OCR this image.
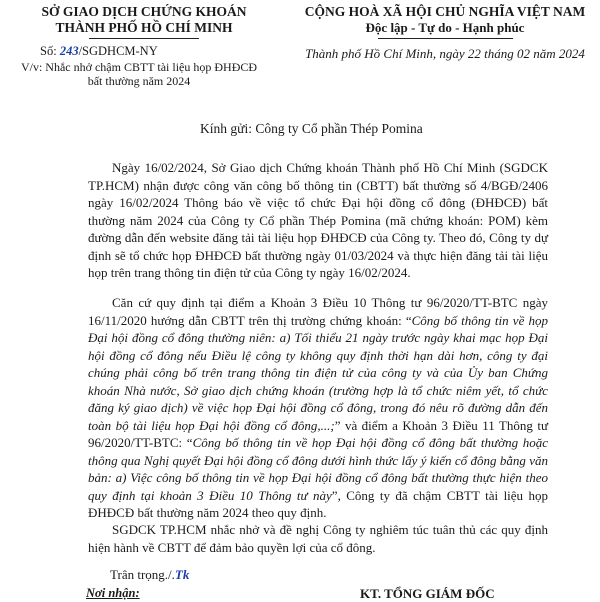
SỞ GIAO DỊCH CHỨNG KHOÁN
THÀNH PHỐ HỒ CHÍ MINH
CỘNG HOÀ XÃ HỘI CHỦ NGHĨA VIỆT NAM
Độc lập - Tự do - Hạnh phúc
Số: 243/SGDHCM-NY
V/v: Nhắc nhở chậm CBTT tài liệu họp ĐHĐCĐ
bất thường năm 2024
Thành phố Hồ Chí Minh, ngày 22 tháng 02 năm 2024
Kính gửi: Công ty Cổ phần Thép Pomina

Ngày 16/02/2024, Sở Giao dịch Chứng khoán Thành phố Hồ Chí Minh (SGDCK TP.HCM) nhận được công văn công bố thông tin (CBTT) bất thường số 4/BGĐ/2406 ngày 16/02/2024 Thông báo về việc tổ chức Đại hội đồng cổ đông (ĐHĐCĐ) bất thường năm 2024 của Công ty Cổ phần Thép Pomina (mã chứng khoán: POM) kèm đường dẫn đến website đăng tải tài liệu họp ĐHĐCĐ của Công ty. Theo đó, Công ty dự định sẽ tổ chức họp ĐHĐCĐ bất thường ngày 01/03/2024 và thực hiện đăng tải tài liệu họp trên trang thông tin điện tử của Công ty ngày 16/02/2024.

Căn cứ quy định tại điểm a Khoản 3 Điều 10 Thông tư 96/2020/TT-BTC ngày 16/11/2020 hướng dẫn CBTT trên thị trường chứng khoán: “Công bố thông tin về họp Đại hội đồng cổ đông thường niên: a) Tối thiểu 21 ngày trước ngày khai mạc họp Đại hội đồng cổ đông nếu Điều lệ công ty không quy định thời hạn dài hơn, công ty đại chúng phải công bố trên trang thông tin điện tử của công ty và của Ủy ban Chứng khoán Nhà nước, Sở giao dịch chứng khoán (trường hợp là tổ chức niêm yết, tổ chức đăng ký giao dịch) về việc họp Đại hội đồng cổ đông, trong đó nêu rõ đường dẫn đến toàn bộ tài liệu họp Đại hội đồng cổ đông,...;” và điểm a Khoản 3 Điều 11 Thông tư 96/2020/TT-BTC: “Công bố thông tin về họp Đại hội đồng cổ đông bất thường hoặc thông qua Nghị quyết Đại hội đồng cổ đông dưới hình thức lấy ý kiến cổ đông bằng văn bản: a) Việc công bố thông tin về họp Đại hội đồng cổ đông bất thường thực hiện theo quy định tại khoản 3 Điều 10 Thông tư này”, Công ty đã chậm CBTT tài liệu họp ĐHĐCĐ bất thường năm 2024 theo quy định.

SGDCK TP.HCM nhắc nhở và đề nghị Công ty nghiêm túc tuân thủ các quy định hiện hành về CBTT để đảm bảo quyền lợi của cổ đông.

Trân trọng./.Tk
Nơi nhận:	KT. TỔNG GIÁM ĐỐC
